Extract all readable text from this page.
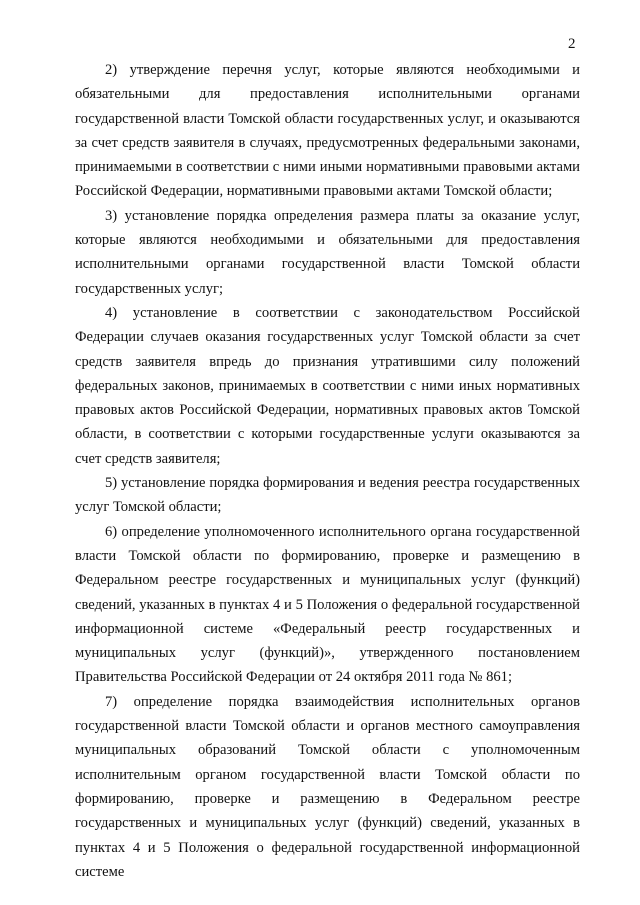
2

2) утверждение перечня услуг, которые являются необходимыми и обязательными для предоставления исполнительными органами государственной власти Томской области государственных услуг, и оказываются за счет средств заявителя в случаях, предусмотренных федеральными законами, принимаемыми в соответствии с ними иными нормативными правовыми актами Российской Федерации, нормативными правовыми актами Томской области;

3) установление порядка определения размера платы за оказание услуг, которые являются необходимыми и обязательными для предоставления исполнительными органами государственной власти Томской области государственных услуг;

4) установление в соответствии с законодательством Российской Федерации случаев оказания государственных услуг Томской области за счет средств заявителя впредь до признания утратившими силу положений федеральных законов, принимаемых в соответствии с ними иных нормативных правовых актов Российской Федерации, нормативных правовых актов Томской области, в соответствии с которыми государственные услуги оказываются за счет средств заявителя;

5) установление порядка формирования и ведения реестра государственных услуг Томской области;

6) определение уполномоченного исполнительного органа государственной власти Томской области по формированию, проверке и размещению в Федеральном реестре государственных и муниципальных услуг (функций) сведений, указанных в пунктах 4 и 5 Положения о федеральной государственной информационной системе «Федеральный реестр государственных и муниципальных услуг (функций)», утвержденного постановлением Правительства Российской Федерации от 24 октября 2011 года № 861;

7) определение порядка взаимодействия исполнительных органов государственной власти Томской области и органов местного самоуправления муниципальных образований Томской области с уполномоченным исполнительным органом государственной власти Томской области по формированию, проверке и размещению в Федеральном реестре государственных и муниципальных услуг (функций) сведений, указанных в пунктах 4 и 5 Положения о федеральной государственной информационной системе
